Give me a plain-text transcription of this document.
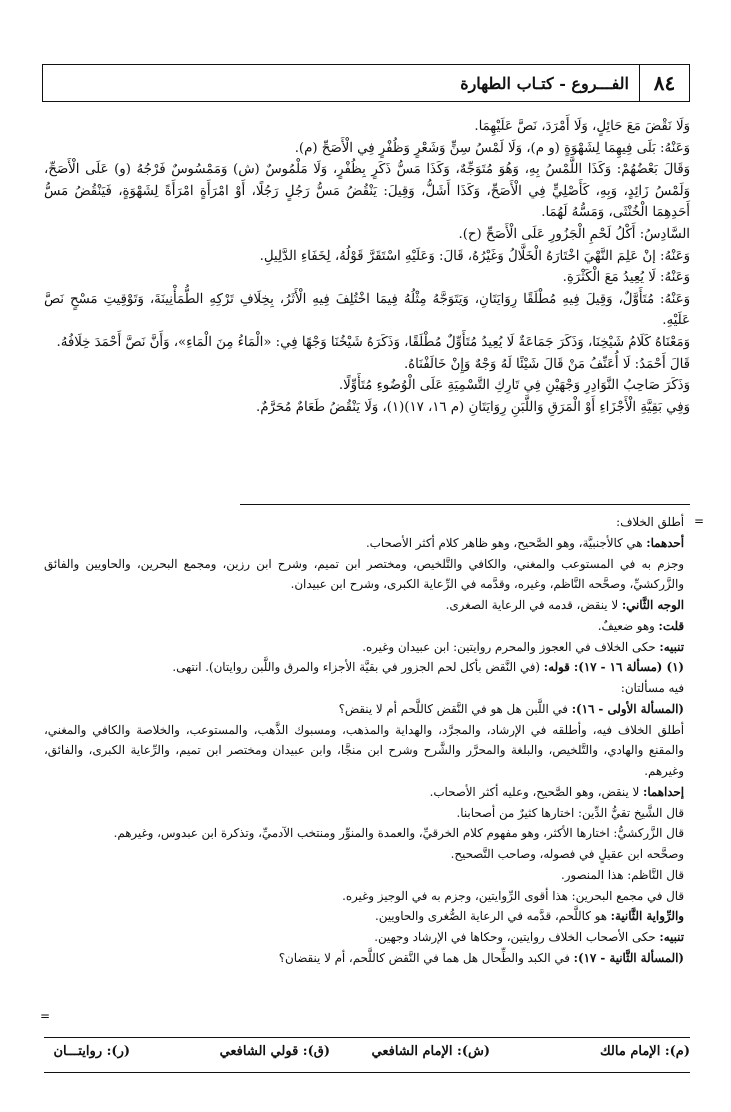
٨٤
الفـــروع - كتـاب الطهارة

وَلَا نَقْضَ مَعَ حَائِلٍ، وَلَا أَمْرَدَ، نَصَّ عَلَيْهِمَا.

وَعَنْهُ: بَلَى فِيهِمَا لِشَهْوَةٍ (و م)، وَلَا لَمْسُ سِنٍّ وَشَعْرٍ وَظُفْرٍ فِي الْأَصَحِّ (م).

وَقَالَ بَعْضُهُمْ: وَكَذَا اللَّمْسُ بِهِ، وَهُوَ مُتَوَجِّهٌ، وَكَذَا مَسُّ ذَكَرٍ بِظُفْرٍ، وَلَا مَلْمُوسٌ (ش) وَمَمْسُوسٌ فَرْجُهُ (و) عَلَى الْأَصَحِّ، وَلَمْسُ زَائِدٍ، وَبِهِ، كَأَصْلِيٍّ فِي الْأَصَحِّ، وَكَذَا أَشَلُّ، وَقِيلَ: يَنْقُضُ مَسُّ رَجُلٍ رَجُلًا، أَوْ امْرَأَةٍ امْرَأَةً لِشَهْوَةٍ، فَيَنْقُضُ مَسُّ أَحَدِهِمَا الْخُنْثَى، وَمَسُّهُ لَهُمَا.

السَّادِسُ: أَكْلُ لَحْمِ الْجَزُورِ عَلَى الْأَصَحِّ (ح).

وَعَنْهُ: إنْ عَلِمَ النَّهْيَ اخْتَارَهُ الْخَلَّالُ وَغَيْرُهُ، قَالَ: وَعَلَيْهِ اسْتَقَرَّ قَوْلُهُ، لِخَفَاءِ الدَّلِيلِ.

وَعَنْهُ: لَا يُعِيدُ مَعَ الْكَثْرَةِ.

وَعَنْهُ: مُتَأَوَّلٌ، وَقِيلَ فِيهِ مُطْلَقًا رِوَايَتَانِ، وَيَتَوَجَّهُ مِثْلُهُ فِيمَا اخْتُلِفَ فِيهِ الْأَثَرُ، بِخِلَافِ تَرْكِهِ الطُّمَأْنِينَةَ، وَتَوْقِيتِ مَسْحٍ نَصَّ عَلَيْهِ.

وَمَعْنَاهُ كَلَامُ شَيْخِنَا، وَذَكَرَ جَمَاعَةٌ لَا يُعِيدُ مُتَأَوِّلٌ مُطْلَقًا، وَذَكَرَهُ شَيْخُنَا وَجْهًا فِي: «الْمَاءُ مِنَ الْمَاءِ»، وَأَنَّ نَصَّ أَحْمَدَ خِلَافُهُ.

قَالَ أَحْمَدُ: لَا أُعَنِّفُ مَنْ قَالَ شَيْئًا لَهُ وَجْهٌ وَإِنْ خَالَفْنَاهُ.

وَذَكَرَ صَاحِبُ النَّوَادِرِ وَجْهَيْنِ فِي تَارِكِ التَّسْمِيَةِ عَلَى الْوُضُوءِ مُتَأَوِّلًا.

وَفِي بَقِيَّةِ الْأَجْزَاءِ أَوْ الْمَرَقِ وَاللَّبَنِ رِوَايَتَانِ (م ١٦، ١٧)(١)، وَلَا يَنْقُضُ طَعَامٌ مُحَرَّمٌ.

=

أطلق الخلاف:

أحدهما: هي كالأجنبيَّة، وهو الصَّحيح، وهو ظاهر كلام أكثر الأصحاب.

وجزم به في المستوعب والمغني، والكافي والتَّلخيص، ومختصر ابن تميم، وشرح ابن رزين، ومجمع البحرين، والحاويين والفائق والزَّركشيِّ، وصحَّحه النَّاظم، وغيره، وقدَّمه في الرِّعاية الكبرى، وشرح ابن عبيدان.

الوجه الثَّاني: لا ينقض، قدمه في الرعاية الصغرى.

قلت: وهو ضعيفٌ.

تنبيه: حكى الخلاف في العجوز والمحرم روايتين: ابن عبيدان وغيره.

(١) (مسألة ١٦ - ١٧): قوله: (في النَّقض بأكل لحم الجزور في بقيَّة الأجزاء والمرق واللَّبن روايتان). انتهى.

فيه مسألتان:

(المسألة الأولى - ١٦): في اللَّبن هل هو في النَّقض كاللَّحم أم لا ينقض؟

أطلق الخلاف فيه، وأطلقه في الإرشاد، والمجرَّد، والهداية والمذهب، ومسبوك الذَّهب، والمستوعب، والخلاصة والكافي والمغني، والمقنع والهادي، والتَّلخيص، والبلغة والمحرَّر والشَّرح وشرح ابن منجَّا، وابن عبيدان ومختصر ابن تميم، والرِّعاية الكبرى، والفائق، وغيرهم.

إحداهما: لا ينقض، وهو الصَّحيح، وعليه أكثر الأصحاب.

قال الشَّيخ تقيُّ الدِّين: اختارها كثيرٌ من أصحابنا.

قال الزَّركشيُّ: اختارها الأكثر، وهو مفهوم كلام الخرقيِّ، والعمدة والمنوِّر ومنتخب الآدميِّ، وتذكرة ابن عبدوس، وغيرهم.

وصحَّحه ابن عقيلٍ في فصوله، وصاحب التَّصحيح.

قال النَّاظم: هذا المنصور.

قال في مجمع البحرين: هذا أقوى الرِّوايتين، وجزم به في الوجيز وغيره.

والرِّواية الثَّانية: هو كاللَّحم، قدَّمه في الرعاية الصُّغرى والحاويين.

تنبيه: حكى الأصحاب الخلاف روايتين، وحكاها في الإرشاد وجهين.

(المسألة الثَّانية - ١٧): في الكبد والطِّحال هل هما في النَّقض كاللَّحم، أم لا ينقضان؟

=
(م): الإمام مالك
(ش): الإمام الشافعي
(ق): قولي الشافعي
(ر): روايتـــان
